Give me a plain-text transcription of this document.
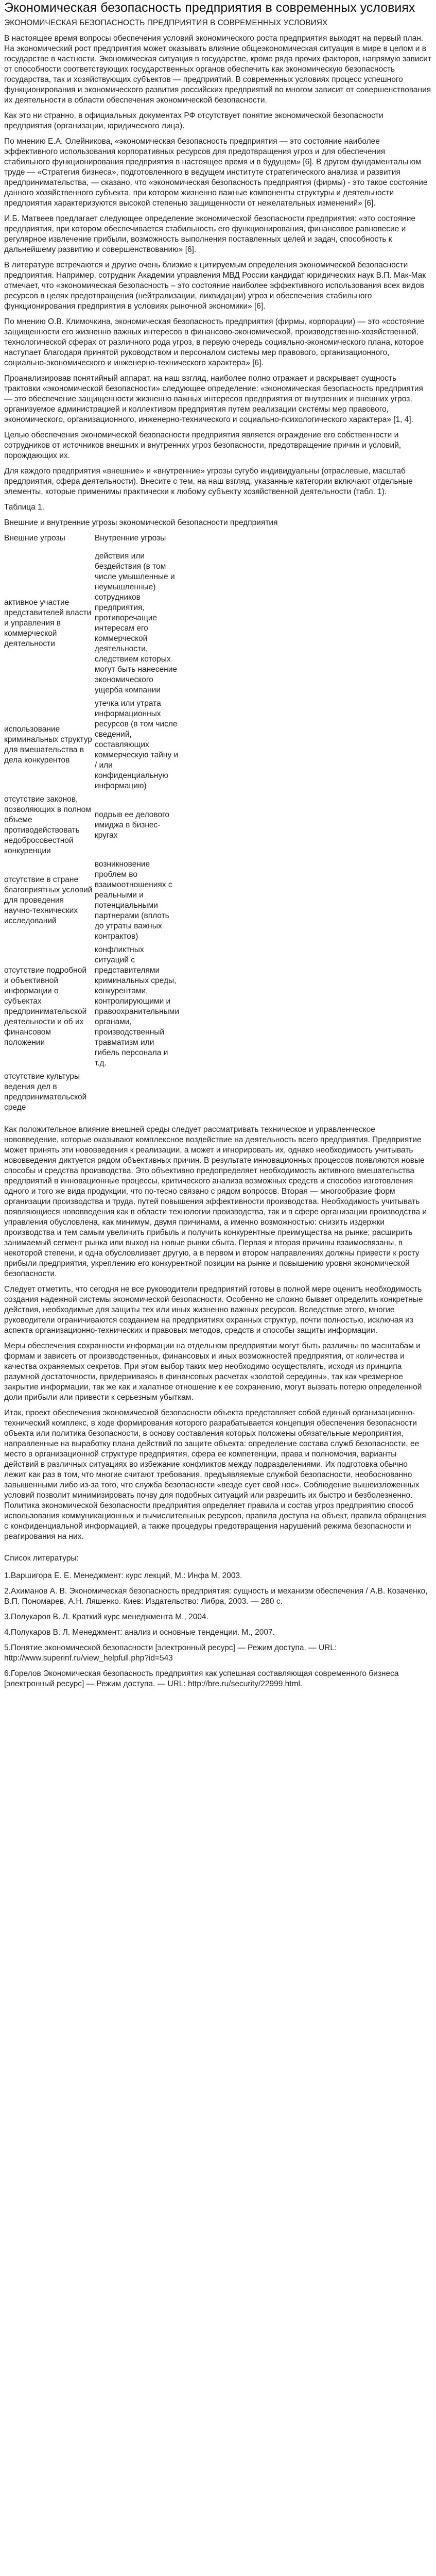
Экономическая безопасность предприятия в современных условиях
ЭКОНОМИЧЕСКАЯ БЕЗОПАСНОСТЬ ПРЕДПРИЯТИЯ В СОВРЕМЕННЫХ УСЛОВИЯХ

В настоящее время вопросы обеспечения условий экономического роста предприятия выходят на первый план. На экономический рост предприятия может оказывать влияние общеэкономическая ситуация в мире в целом и в государстве в частности. Экономическая ситуация в государстве, кроме ряда прочих факторов, напрямую зависит от способности соответствующих государственных органов обеспечить как экономическую безопасность государства, так и хозяйствующих субъектов — предприятий. В современных условиях процесс успешного функционирования и экономического развития российских предприятий во многом зависит от совершенствования их деятельности в области обеспечения экономической безопасности.

Как это ни странно, в официальных документах РФ отсутствует понятие экономической безопасности предприятия (организации, юридического лица).

По мнению Е.А. Олейникова, «экономическая безопасность предприятия — это состояние наиболее эффективного использования корпоративных ресурсов для предотвращения угроз и для обеспечения стабильного функционирования предприятия в настоящее время и в будущем» [6]. В другом фундаментальном труде — «Стратегия бизнеса», подготовленного в ведущем институте стратегического анализа и развития предпринимательства, — сказано, что «экономическая безопасность предприятия (фирмы) - это такое состояние данного хозяйственного субъекта, при котором жизненно важные компоненты структуры и деятельности предприятия характеризуются высокой степенью защищенности от нежелательных изменений» [6].

И.Б. Матвеев предлагает следующее определение экономической безопасности предприятия: «это состояние предприятия, при котором обеспечивается стабильность его функционирования, финансовое равновесие и регулярное извлечение прибыли, возможность выполнения поставленных целей и задач, способность к дальнейшему развитию и совершенствованию» [6].

В литературе встречаются и другие очень близкие к цитируемым определения экономической безопасности предприятия. Например, сотрудник Академии управления МВД России кандидат юридических наук В.П. Мак-Мак отмечает, что «экономическая безопасность – это состояние наиболее эффективного использования всех видов ресурсов в целях предотвращения (нейтрализации, ликвидации) угроз и обеспечения стабильного функционирования предприятия в условиях рыночной экономики» [6].

По мнению О.В. Климочкина, экономическая безопасность предприятия (фирмы, корпорации) — это «состояние защищенности его жизненно важных интересов в финансово-экономической, производственно-хозяйственной, технологической сферах от различного рода угроз, в первую очередь социально-экономического плана, которое наступает благодаря принятой руководством и персоналом системы мер правового, организационного, социально-экономического и инженерно-технического характера» [6].

Проанализировав понятийный аппарат, на наш взгляд, наиболее полно отражает и раскрывает сущность трактовки «экономической безопасности» следующее определение: «экономическая безопасность предприятия — это обеспечение защищенности жизненно важных интересов предприятия от внутренних и внешних угроз, организуемое администрацией и коллективом предприятия путем реализации системы мер правового, экономического, организационного, инженерно-технического и социально-психологического характера» [1, 4].

Целью обеспечения экономической безопасности предприятия является ограждение его собственности и сотрудников от источников внешних и внутренних угроз безопасности, предотвращение причин и условий, порождающих их.

Для каждого предприятия «внешние» и «внутренние» угрозы сугубо индивидуальны (отраслевые, масштаб предприятия, сфера деятельности). Внесите с тем, на наш взгляд, указанные категории включают отдельные элементы, которые применимы практически к любому субъекту хозяйственной деятельности (табл. 1).

Таблица 1.

Внешние и внутренние угрозы экономической безопасности предприятия
Внешние угрозы	Внутренние угрозы
активное участие представителей власти и управления в коммерческой деятельности	действия или бездействия (в том числе умышленные и неумышленные) сотрудников предприятия, противоречащие интересам его коммерческой деятельности, следствием которых могут быть нанесение экономического ущерба компании
использование криминальных структур для вмешательства в дела конкурентов	утечка или утрата информационных ресурсов (в том числе сведений, составляющих коммерческую тайну и / или конфиденциальную информацию)
отсутствие законов, позволяющих в полном объеме противодействовать недобросовестной конкуренции	подрыв ее делового имиджа в бизнес-кругах
отсутствие в стране благоприятных условий для проведения научно-технических исследований	возникновение проблем во взаимоотношениях с реальными и потенциальными партнерами (вплоть до утраты важных контрактов)
отсутствие подробной и объективной информации о субъектах предпринимательской деятельности и об их финансовом положении	конфликтных ситуаций с представителями криминальных среды, конкурентами, контролирующими и правоохранительными органами, производственный травматизм или гибель персонала и т.д.
отсутствие культуры ведения дел в предпринимательской среде	

Как положительное влияние внешней среды следует рассматривать техническое и управленческое нововведение, которые оказывают комплексное воздействие на деятельность всего предприятия. Предприятие может принять эти нововведения к реализации, а может и игнорировать их, однако необходимость учитывать нововведения диктуется рядом объективных причин. В результате инновационных процессов появляются новые способы и средства производства. Это объективно предопределяет необходимость активного вмешательства предприятий в инновационные процессы, критического анализа возможных средств и способов изготовления одного и того же вида продукции, что по-тесно связано с рядом вопросов. Вторая — многообразие форм организации производства и труда, путей повышения эффективности производства. Необходимость учитывать появляющиеся нововведения как в области технологии производства, так и в сфере организации производства и управления обусловлена, как минимум, двумя причинами, а именно возможностью: снизить издержки производства и тем самым увеличить прибыль и получить конкурентные преимущества на рынке; расширить занимаемый сегмент рынка или выход на новые рынки сбыта. Первая и вторая причины взаимосвязаны, в некоторой степени, и одна обусловливает другую, а в первом и втором направлениях должны привести к росту прибыли предприятия, укреплению его конкурентной позиции на рынке и повышению уровня экономической безопасности.

Следует отметить, что сегодня не все руководители предприятий готовы в полной мере оценить необходимость создания надежной системы экономической безопасности. Особенно не сложно бывает определить конкретные действия, необходимые для защиты тех или иных жизненно важных ресурсов. Вследствие этого, многие руководители ограничиваются созданием на предприятиях охранных структур, почти полностью, исключая из аспекта организационно-технических и правовых методов, средств и способы защиты информации.

Меры обеспечения сохранности информации на отдельном предприятии могут быть различны по масштабам и формам и зависеть от производственных, финансовых и иных возможностей предприятия, от количества и качества охраняемых секретов. При этом выбор таких мер необходимо осуществлять, исходя из принципа разумной достаточности, придерживаясь в финансовых расчетах «золотой середины», так как чрезмерное закрытие информации, так же как и халатное отношение к ее сохранению, могут вызвать потерю определенной доли прибыли или привести к серьезным убыткам.

Итак, проект обеспечения экономической безопасности объекта представляет собой единый организационно-технический комплекс, в ходе формирования которого разрабатывается концепция обеспечения безопасности объекта или политика безопасности, в основу составления которых положены обязательные мероприятия, направленные на выработку плана действий по защите объекта: определение состава служб безопасности, ее место в организационной структуре предприятия, сфера ее компетенции, права и полномочия, варианты действий в различных ситуациях во избежание конфликтов между подразделениями. Их подготовка обычно лежит как раз в том, что многие считают требования, предъявляемые службой безопасности, необоснованно завышенными либо из-за того, что служба безопасности «везде сует свой нос». Соблюдение вышеизложенных условий позволит минимизировать почву для подобных ситуаций или разрешить их быстро и безболезненно. Политика экономической безопасности предприятия определяет правила и состав угроз предприятию способ использования коммуникационных и вычислительных ресурсов, правила доступа на объект, правила обращения с конфиденциальной информацией, а также процедуры предотвращения нарушений режима безопасности и реагирования на них.

Список литературы:
1.Варшигора Е. Е. Менеджмент: курс лекций, М.: Инфа М, 2003.
2.Ахиманов А. В. Экономическая безопасность предприятия: сущность и механизм обеспечения / А.В. Козаченко, В.П. Пономарев, А.Н. Ляшенко. Киев: Издательство: Либра, 2003. — 280 с.
3.Полукаров В. Л. Краткий курс менеджмента М., 2004.
4.Полукаров В. Л. Менеджмент: анализ и основные тенденции. М., 2007.
5.Понятие экономической безопасности [электронный ресурс] — Режим доступа. — URL: http://www.superinf.ru/view_helpfull.php?id=543
6.Горелов Экономическая безопасность предприятия как успешная составляющая современного бизнеса [электронный ресурс] — Режим доступа. — URL: http://bre.ru/security/22999.html.
